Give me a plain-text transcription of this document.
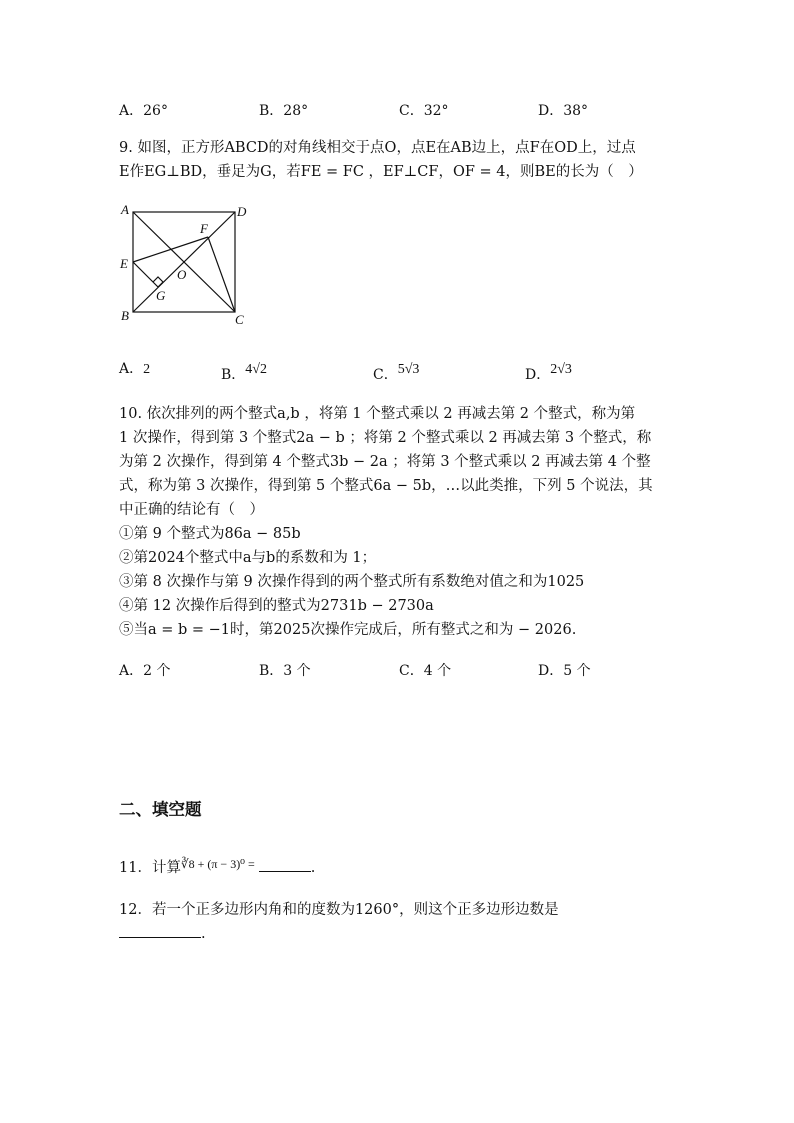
A．26°	B．28°	C．32°	D．38°
9. 如图，正方形ABCD的对角线相交于点O，点E在AB边上，点F在OD上，过点
E作EG⊥BD，垂足为G，若FE = FC ，EF⊥CF，OF = 4，则BE的长为（　）
A	D
F
E
O
G
B	C
A．2	B．4√2	C．5√3	D．2√3
10. 依次排列的两个整式a,b ，将第 1 个整式乘以 2 再减去第 2 个整式，称为第
1 次操作，得到第 3 个整式2a − b ；将第 2 个整式乘以 2 再减去第 3 个整式，称
为第 2 次操作，得到第 4 个整式3b − 2a ；将第 3 个整式乘以 2 再减去第 4 个整
式，称为第 3 次操作，得到第 5 个整式6a − 5b，…以此类推，下列 5 个说法，其
中正确的结论有（　）
①第 9 个整式为86a − 85b
②第2024个整式中a与b的系数和为 1；
③第 8 次操作与第 9 次操作得到的两个整式所有系数绝对值之和为1025
④第 12 次操作后得到的整式为2731b − 2730a
⑤当a = b = −1时，第2025次操作完成后，所有整式之和为 − 2026.
A．2 个	B．3 个	C．4 个	D．5 个
二、填空题
11．计算$^{∛8 + (\pi - 3)^0 =}$	.
12．若一个正多边形内角和的度数为1260°，则这个正多边形边数是
.
